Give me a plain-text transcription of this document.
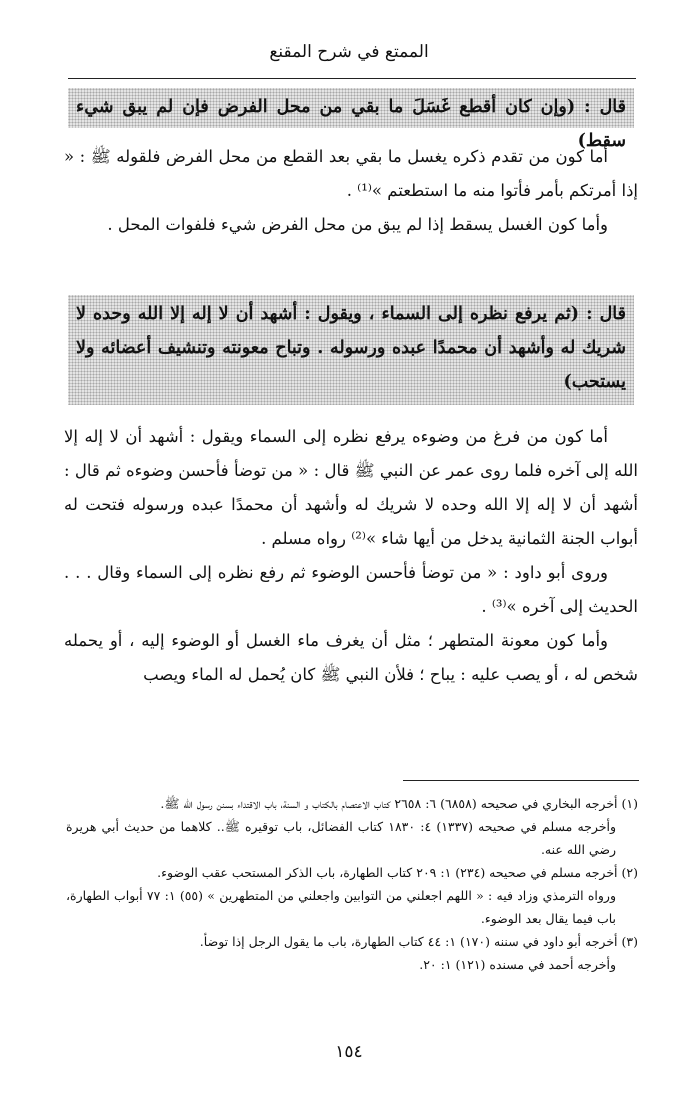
الممتع في شرح المقنع
قال : (وإن كان أقطع غَسَلَ ما بقي من محل الفرض فإن لم يبق شيء سقط)

أما كون من تقدم ذكره يغسل ما بقي بعد القطع من محل الفرض فلقوله ﷺ : « إذا أمرتكم بأمر فأتوا منه ما استطعتم »⁽¹⁾ .

وأما كون الغسل يسقط إذا لم يبق من محل الفرض شيء فلفوات المحل .

قال : (ثم يرفع نظره إلى السماء ، ويقول : أشهد أن لا إله إلا الله وحده لا شريك له وأشهد أن محمدًا عبده ورسوله . وتباح معونته وتنشيف أعضائه ولا يستحب)

أما كون من فرغ من وضوءه يرفع نظره إلى السماء ويقول : أشهد أن لا إله إلا الله إلى آخره فلما روى عمر عن النبي ﷺ قال : « من توضأ فأحسن وضوءه ثم قال : أشهد أن لا إله إلا الله وحده لا شريك له وأشهد أن محمدًا عبده ورسوله فتحت له أبواب الجنة الثمانية يدخل من أيها شاء »⁽²⁾ رواه مسلم .

وروى أبو داود : « من توضأ فأحسن الوضوء ثم رفع نظره إلى السماء وقال . . . الحديث إلى آخره »⁽³⁾ .

وأما كون معونة المتطهر ؛ مثل أن يغرف ماء الغسل أو الوضوء إليه ، أو يحمله شخص له ، أو يصب عليه : يباح ؛ فلأن النبي ﷺ كان يُحمل له الماء ويصب

(١) أخرجه البخاري في صحيحه (٦٨٥٨) ٦: ٢٦٥٨ كتاب الاعتصام بالكتاب و السنة، باب الاقتداء بسنن رسول الله ﷺ.

وأخرجه مسلم في صحيحه (١٣٣٧) ٤: ١٨٣٠ كتاب الفضائل، باب توقيره ﷺ.. كلاهما من حديث أبي هريرة رضي الله عنه.

(٢) أخرجه مسلم في صحيحه (٢٣٤) ١: ٢٠٩ كتاب الطهارة، باب الذكر المستحب عقب الوضوء.

ورواه الترمذي وزاد فيه : « اللهم اجعلني من التوابين واجعلني من المتطهرين » (٥٥) ١: ٧٧ أبواب الطهارة، باب فيما يقال بعد الوضوء.

(٣) أخرجه أبو داود في سننه (١٧٠) ١: ٤٤ كتاب الطهارة، باب ما يقول الرجل إذا توضأ.

وأخرجه أحمد في مسنده (١٢١) ١: ٢٠.

١٥٤
